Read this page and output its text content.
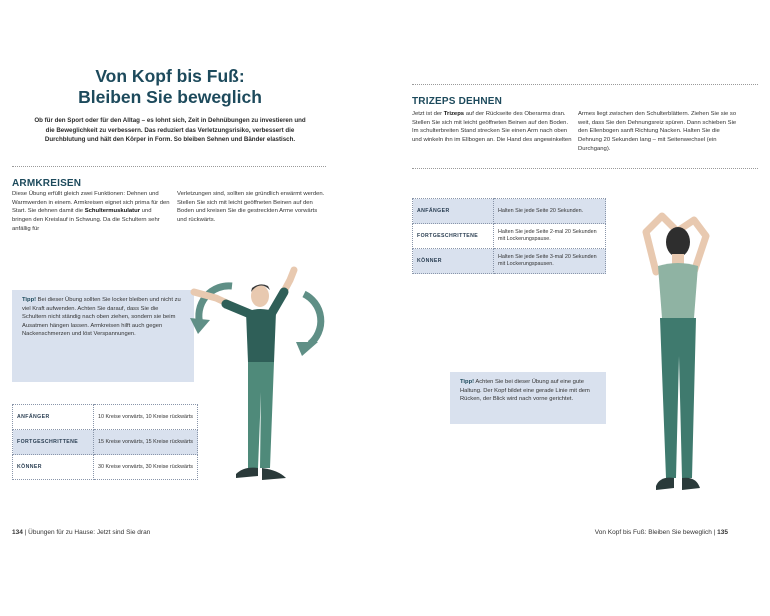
Von Kopf bis Fuß:
Bleiben Sie beweglich
Ob für den Sport oder für den Alltag – es lohnt sich, Zeit in Dehnübungen zu investieren und die Beweglichkeit zu verbessern. Das reduziert das Verletzungsrisiko, verbessert die Durchblutung und hält den Körper in Form. So bleiben Sehnen und Bänder elastisch.
ARMKREISEN

Diese Übung erfüllt gleich zwei Funktionen: Dehnen und Warmwerden in einem. Armkreisen eignet sich prima für den Start. Sie dehnen damit die Schultermuskulatur und bringen den Kreislauf in Schwung. Da die Schultern sehr anfällig für

Verletzungen sind, sollten sie gründlich erwärmt werden. Stellen Sie sich mit leicht geöffneten Beinen auf den Boden und kreisen Sie die gestreckten Arme vorwärts und rückwärts.
Tipp! Bei dieser Übung sollten Sie locker bleiben und nicht zu viel Kraft aufwenden. Achten Sie darauf, dass Sie die Schultern nicht ständig nach oben ziehen, sondern sie beim Ausatmen hängen lassen. Armkreisen hilft auch gegen Nackenschmerzen und löst Verspannungen.
ANFÄNGER	10 Kreise vorwärts, 10 Kreise rückwärts
FORTGESCHRITTENE	15 Kreise vorwärts, 15 Kreise rückwärts
KÖNNER	30 Kreise vorwärts, 30 Kreise rückwärts
134 | Übungen für zu Hause: Jetzt sind Sie dran
TRIZEPS DEHNEN

Jetzt ist der Trizeps auf der Rückseite des Oberarms dran. Stellen Sie sich mit leicht geöffneten Beinen auf den Boden. Im schulterbreiten Stand strecken Sie einen Arm nach oben und winkeln ihn im Ellbogen an. Die Hand des angewinkelten

Armes liegt zwischen den Schulterblättern. Ziehen Sie sie so weit, dass Sie den Dehnungsreiz spüren. Dann schieben Sie den Ellenbogen sanft Richtung Nacken. Halten Sie die Dehnung 20 Sekunden lang – mit Seitenwechsel (ein Durchgang).
ANFÄNGER	Halten Sie jede Seite 20 Sekunden.
FORTGESCHRITTENE	Halten Sie jede Seite 2-mal 20 Sekunden mit Lockerungspause.
KÖNNER	Halten Sie jede Seite 3-mal 20 Sekunden mit Lockerungspausen.
Tipp! Achten Sie bei dieser Übung auf eine gute Haltung. Der Kopf bildet eine gerade Linie mit dem Rücken, der Blick wird nach vorne gerichtet.
Von Kopf bis Fuß: Bleiben Sie beweglich | 135
